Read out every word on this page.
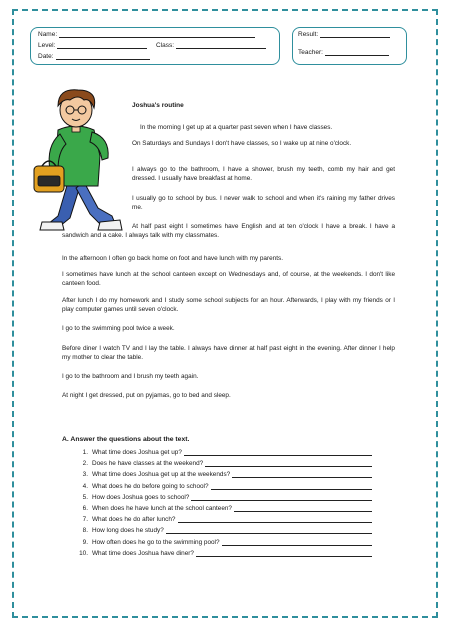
Name:
Level:	Class:
Date:
Result:
Teacher:
Joshua's routine
In the morning I get up at a quarter past seven when I have classes.
On Saturdays and Sundays I don't have classes, so I wake up at nine o'clock.
I always go to the bathroom, I have a shower, brush my teeth, comb my hair and get dressed. I usually have breakfast at home.
I usually go to school by bus. I never walk to school and when it's raining my father drives me.
At half past eight I sometimes have English and at ten o'clock I have a break. I have a sandwich and a cake. I always talk with my classmates.
In the afternoon I often go back home on foot and have lunch with my parents.
I sometimes have lunch at the school canteen except on Wednesdays and, of course, at the weekends. I don't like canteen food.
After lunch I do my homework and I study some school subjects for an hour. Afterwards, I play with my friends or I play computer games until seven o'clock.
I go to the swimming pool twice a week.
Before diner I watch TV and I lay the table. I always have dinner at half past eight in the evening. After dinner I help my mother to clear the table.
I go to the bathroom and I brush my teeth again.
At night I get dressed, put on pyjamas, go to bed and sleep.
A. Answer the questions about the text.
1. What time does Joshua get up?
2. Does he have classes at the weekend?
3. What time does Joshua get up at the weekends?
4. What does he do before going to school?
5. How does Joshua goes to school?
6. When does he have lunch at the school canteen?
7. What does he do after lunch?
8. How long does he study?
9. How often does he go to the swimming pool?
10. What time does Joshua have diner?
